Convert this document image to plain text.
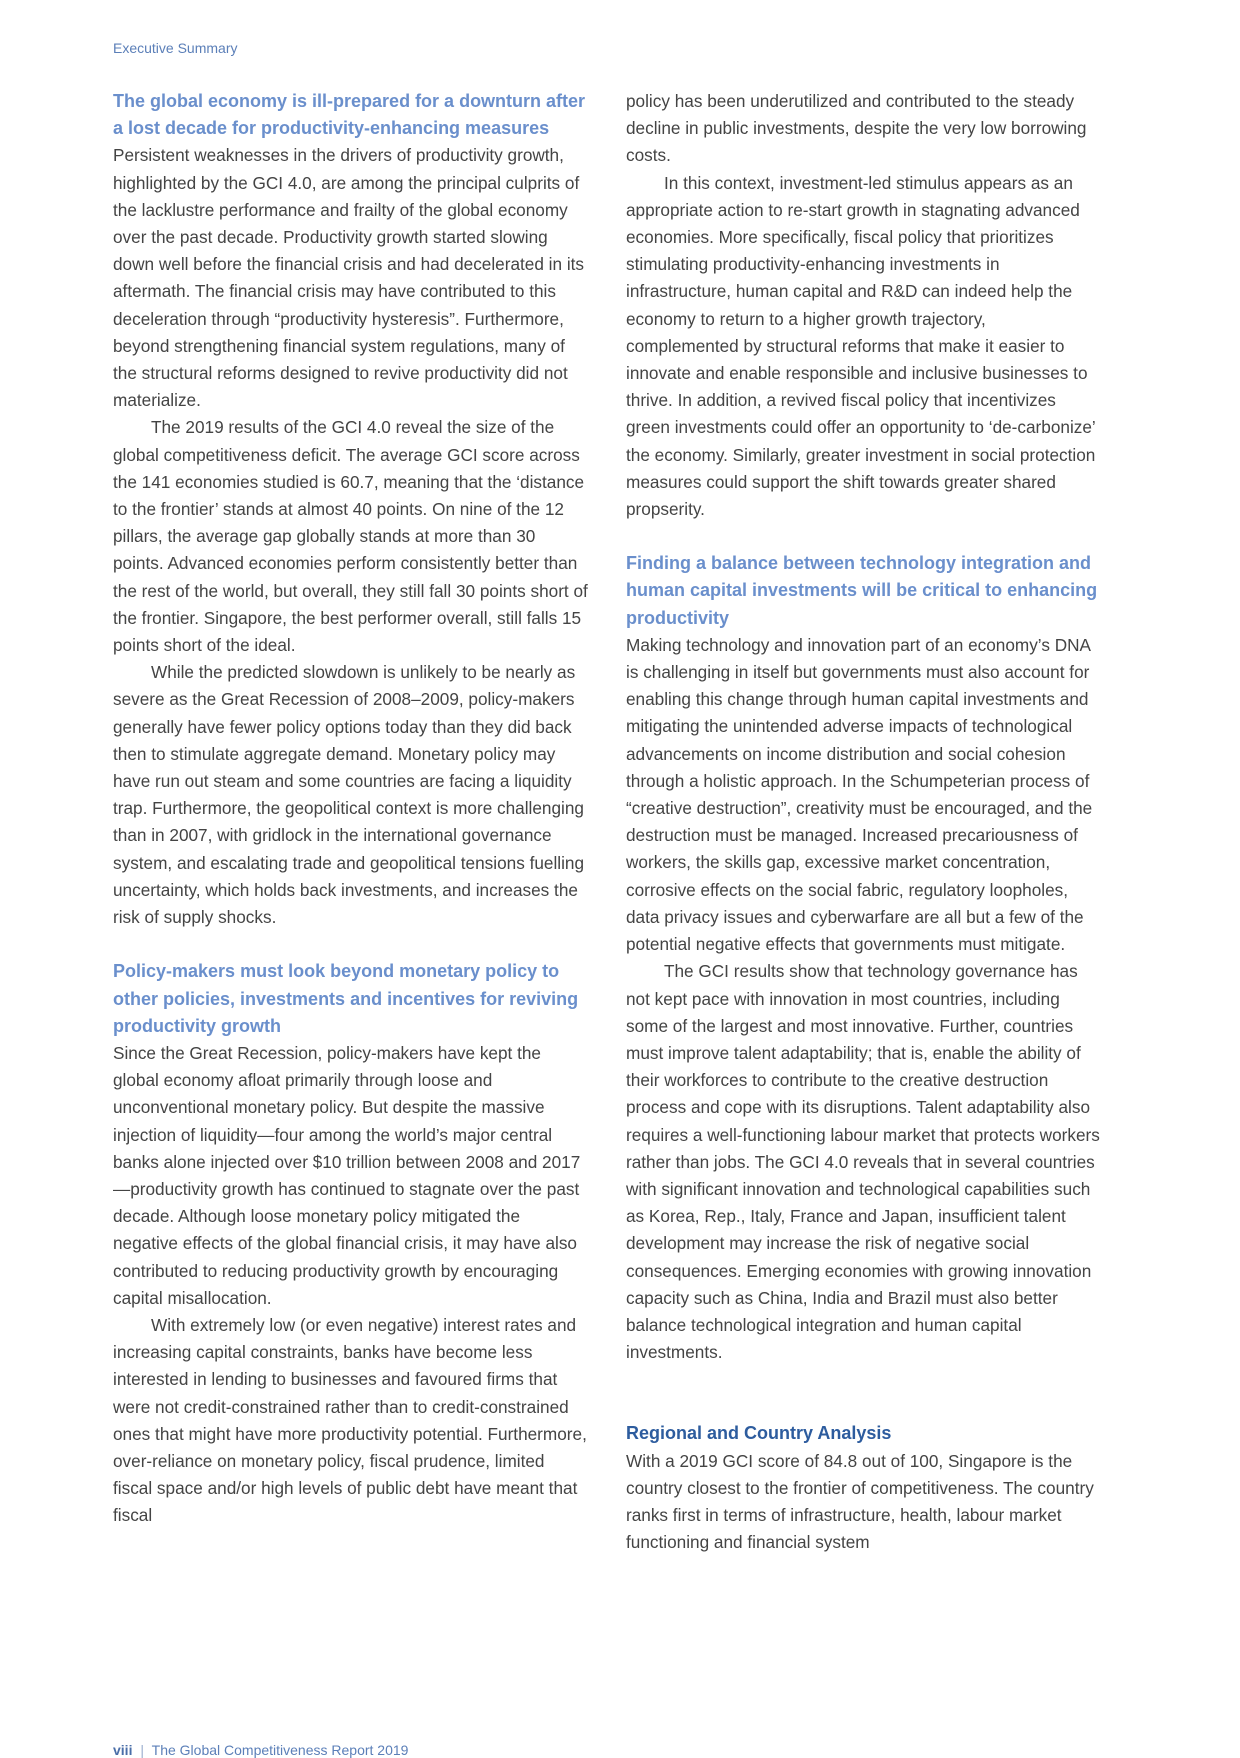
Executive Summary
The global economy is ill-prepared for a downturn after a lost decade for productivity-enhancing measures

Persistent weaknesses in the drivers of productivity growth, highlighted by the GCI 4.0, are among the principal culprits of the lacklustre performance and frailty of the global economy over the past decade. Productivity growth started slowing down well before the financial crisis and had decelerated in its aftermath. The financial crisis may have contributed to this deceleration through “productivity hysteresis”. Furthermore, beyond strengthening financial system regulations, many of the structural reforms designed to revive productivity did not materialize.

The 2019 results of the GCI 4.0 reveal the size of the global competitiveness deficit. The average GCI score across the 141 economies studied is 60.7, meaning that the ‘distance to the frontier’ stands at almost 40 points. On nine of the 12 pillars, the average gap globally stands at more than 30 points. Advanced economies perform consistently better than the rest of the world, but overall, they still fall 30 points short of the frontier. Singapore, the best performer overall, still falls 15 points short of the ideal.

While the predicted slowdown is unlikely to be nearly as severe as the Great Recession of 2008–2009, policy-makers generally have fewer policy options today than they did back then to stimulate aggregate demand. Monetary policy may have run out steam and some countries are facing a liquidity trap. Furthermore, the geopolitical context is more challenging than in 2007, with gridlock in the international governance system, and escalating trade and geopolitical tensions fuelling uncertainty, which holds back investments, and increases the risk of supply shocks.

Policy-makers must look beyond monetary policy to other policies, investments and incentives for reviving productivity growth

Since the Great Recession, policy-makers have kept the global economy afloat primarily through loose and unconventional monetary policy. But despite the massive injection of liquidity—four among the world’s major central banks alone injected over $10 trillion between 2008 and 2017—productivity growth has continued to stagnate over the past decade. Although loose monetary policy mitigated the negative effects of the global financial crisis, it may have also contributed to reducing productivity growth by encouraging capital misallocation.

With extremely low (or even negative) interest rates and increasing capital constraints, banks have become less interested in lending to businesses and favoured firms that were not credit-constrained rather than to credit-constrained ones that might have more productivity potential. Furthermore, over-reliance on monetary policy, fiscal prudence, limited fiscal space and/or high levels of public debt have meant that fiscal

policy has been underutilized and contributed to the steady decline in public investments, despite the very low borrowing costs.

In this context, investment-led stimulus appears as an appropriate action to re-start growth in stagnating advanced economies. More specifically, fiscal policy that prioritizes stimulating productivity-enhancing investments in infrastructure, human capital and R&D can indeed help the economy to return to a higher growth trajectory, complemented by structural reforms that make it easier to innovate and enable responsible and inclusive businesses to thrive. In addition, a revived fiscal policy that incentivizes green investments could offer an opportunity to ‘de-carbonize’ the economy. Similarly, greater investment in social protection measures could support the shift towards greater shared propserity.

Finding a balance between technology integration and human capital investments will be critical to enhancing productivity

Making technology and innovation part of an economy’s DNA is challenging in itself but governments must also account for enabling this change through human capital investments and mitigating the unintended adverse impacts of technological advancements on income distribution and social cohesion through a holistic approach. In the Schumpeterian process of “creative destruction”, creativity must be encouraged, and the destruction must be managed. Increased precariousness of workers, the skills gap, excessive market concentration, corrosive effects on the social fabric, regulatory loopholes, data privacy issues and cyberwarfare are all but a few of the potential negative effects that governments must mitigate.

The GCI results show that technology governance has not kept pace with innovation in most countries, including some of the largest and most innovative. Further, countries must improve talent adaptability; that is, enable the ability of their workforces to contribute to the creative destruction process and cope with its disruptions. Talent adaptability also requires a well-functioning labour market that protects workers rather than jobs. The GCI 4.0 reveals that in several countries with significant innovation and technological capabilities such as Korea, Rep., Italy, France and Japan, insufficient talent development may increase the risk of negative social consequences. Emerging economies with growing innovation capacity such as China, India and Brazil must also better balance technological integration and human capital investments.

Regional and Country Analysis

With a 2019 GCI score of 84.8 out of 100, Singapore is the country closest to the frontier of competitiveness. The country ranks first in terms of infrastructure, health, labour market functioning and financial system

viii | The Global Competitiveness Report 2019
